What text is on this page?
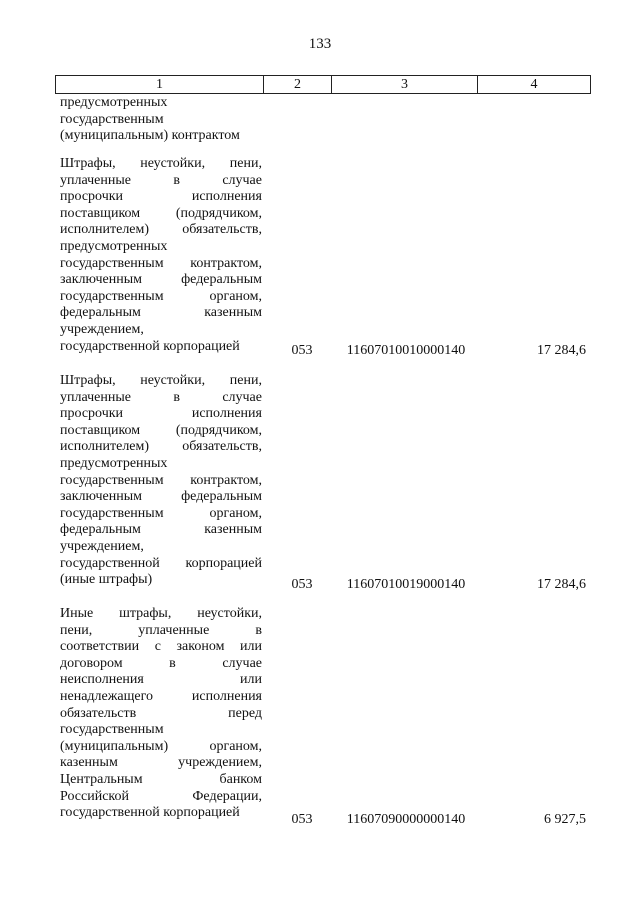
133
1	2	3	4
предусмотренных
государственным
(муниципальным) контрактом
Штрафы, неустойки, пени,
уплаченные в случае
просрочки исполнения
поставщиком (подрядчиком,
исполнителем) обязательств,
предусмотренных
государственным контрактом,
заключенным федеральным
государственным органом,
федеральным казенным
учреждением,
государственной корпорацией	053	11607010010000140	17 284,6
Штрафы, неустойки, пени,
уплаченные в случае
просрочки исполнения
поставщиком (подрядчиком,
исполнителем) обязательств,
предусмотренных
государственным контрактом,
заключенным федеральным
государственным органом,
федеральным казенным
учреждением,
государственной корпорацией
(иные штрафы)	053	11607010019000140	17 284,6
Иные штрафы, неустойки,
пени, уплаченные в
соответствии с законом или
договором в случае
неисполнения или
ненадлежащего исполнения
обязательств перед
государственным
(муниципальным) органом,
казенным учреждением,
Центральным банком
Российской Федерации,
государственной корпорацией	053	11607090000000140	6 927,5
